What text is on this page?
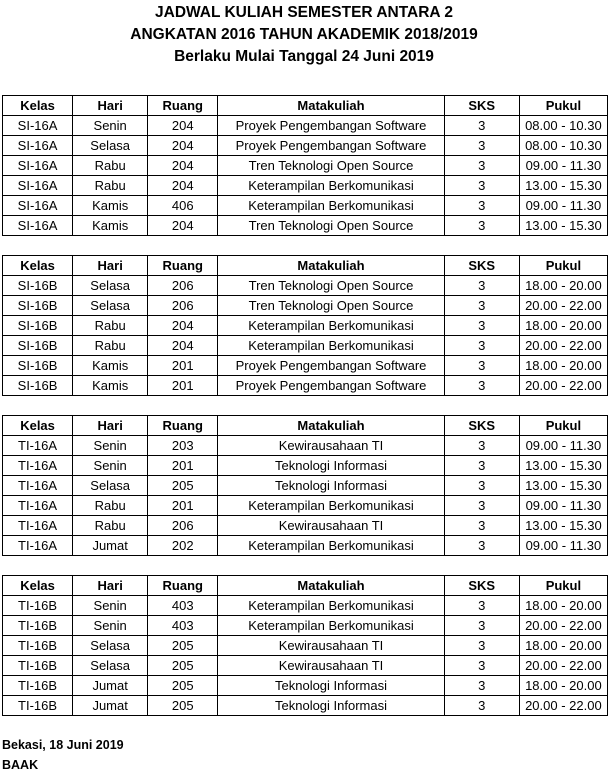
JADWAL KULIAH SEMESTER ANTARA 2
ANGKATAN 2016 TAHUN AKADEMIK 2018/2019
Berlaku Mulai Tanggal 24 Juni 2019
Kelas	Hari	Ruang	Matakuliah	SKS	Pukul
SI-16A	Senin	204	Proyek Pengembangan Software	3	08.00 - 10.30
SI-16A	Selasa	204	Proyek Pengembangan Software	3	08.00 - 10.30
SI-16A	Rabu	204	Tren Teknologi Open Source	3	09.00 - 11.30
SI-16A	Rabu	204	Keterampilan Berkomunikasi	3	13.00 - 15.30
SI-16A	Kamis	406	Keterampilan Berkomunikasi	3	09.00 - 11.30
SI-16A	Kamis	204	Tren Teknologi Open Source	3	13.00 - 15.30
Kelas	Hari	Ruang	Matakuliah	SKS	Pukul
SI-16B	Selasa	206	Tren Teknologi Open Source	3	18.00 - 20.00
SI-16B	Selasa	206	Tren Teknologi Open Source	3	20.00 - 22.00
SI-16B	Rabu	204	Keterampilan Berkomunikasi	3	18.00 - 20.00
SI-16B	Rabu	204	Keterampilan Berkomunikasi	3	20.00 - 22.00
SI-16B	Kamis	201	Proyek Pengembangan Software	3	18.00 - 20.00
SI-16B	Kamis	201	Proyek Pengembangan Software	3	20.00 - 22.00
Kelas	Hari	Ruang	Matakuliah	SKS	Pukul
TI-16A	Senin	203	Kewirausahaan TI	3	09.00 - 11.30
TI-16A	Senin	201	Teknologi Informasi	3	13.00 - 15.30
TI-16A	Selasa	205	Teknologi Informasi	3	13.00 - 15.30
TI-16A	Rabu	201	Keterampilan Berkomunikasi	3	09.00 - 11.30
TI-16A	Rabu	206	Kewirausahaan TI	3	13.00 - 15.30
TI-16A	Jumat	202	Keterampilan Berkomunikasi	3	09.00 - 11.30
Kelas	Hari	Ruang	Matakuliah	SKS	Pukul
TI-16B	Senin	403	Keterampilan Berkomunikasi	3	18.00 - 20.00
TI-16B	Senin	403	Keterampilan Berkomunikasi	3	20.00 - 22.00
TI-16B	Selasa	205	Kewirausahaan TI	3	18.00 - 20.00
TI-16B	Selasa	205	Kewirausahaan TI	3	20.00 - 22.00
TI-16B	Jumat	205	Teknologi Informasi	3	18.00 - 20.00
TI-16B	Jumat	205	Teknologi Informasi	3	20.00 - 22.00
Bekasi, 18 Juni 2019
BAAK
